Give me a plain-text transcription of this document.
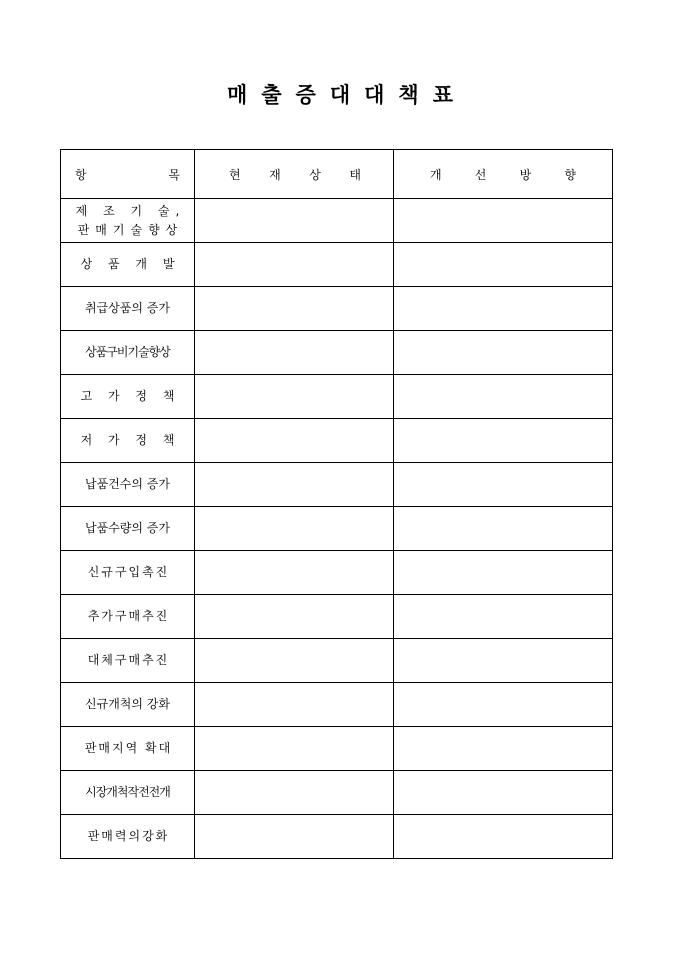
매출증대대책표
항 목	현 재 상 태	개 선 방 향

제 조 기 술,
판매기술향상		

상 품 개 발		

취급상품의 증가		

상품구비기술향상		

고 가 정 책		

저 가 정 책		

납품건수의 증가		

납품수량의 증가		

신규구입촉진		

추가구매추진		

대체구매추진		

신규개척의 강화		

판매지역 확대		

시장개척작전전개		

판매력의강화		
